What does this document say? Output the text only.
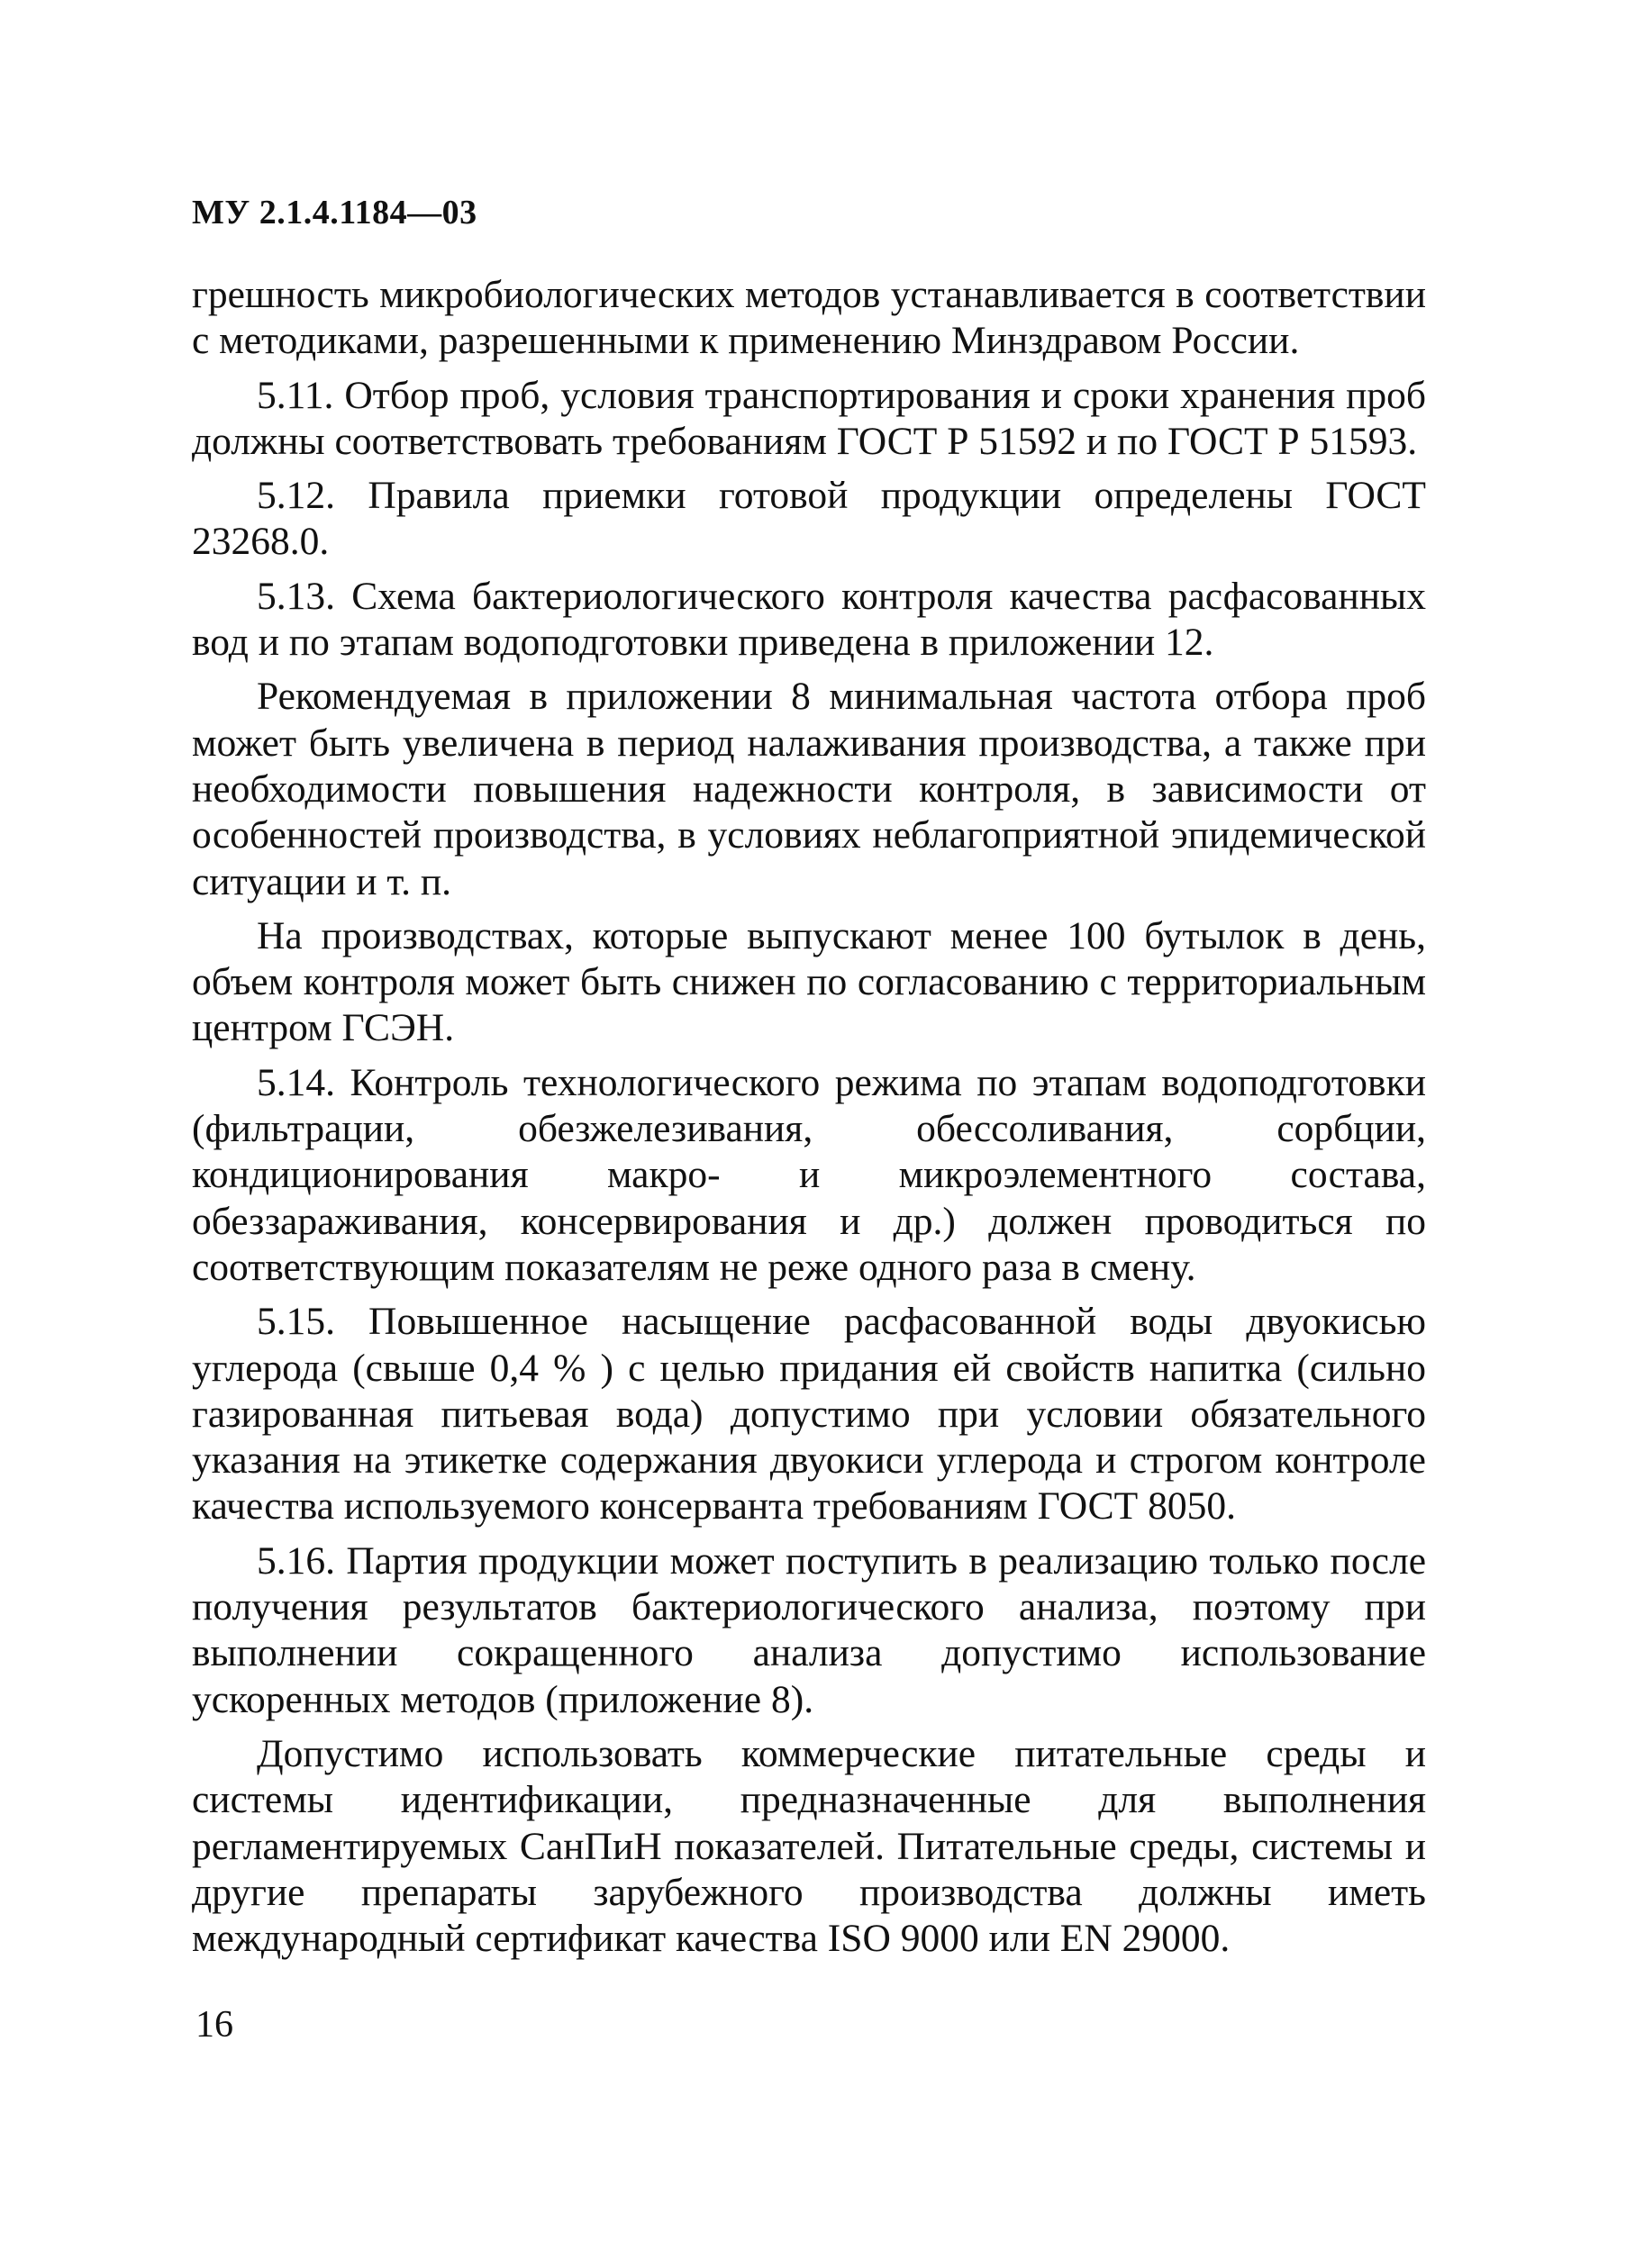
МУ 2.1.4.1184—03

грешность микробиологических методов устанавливается в соответствии с методиками, разрешенными к применению Минздравом России.

5.11. Отбор проб, условия транспортирования и сроки хранения проб должны соответствовать требованиям ГОСТ Р 51592 и по ГОСТ Р 51593.

5.12. Правила приемки готовой продукции определены ГОСТ 23268.0.

5.13. Схема бактериологического контроля качества расфасованных вод и по этапам водоподготовки приведена в приложении 12.

Рекомендуемая в приложении 8 минимальная частота отбора проб может быть увеличена в период налаживания производства, а также при необходимости повышения надежности контроля, в зависимости от особенностей производства, в условиях неблагоприятной эпидемической ситуации и т. п.

На производствах, которые выпускают менее 100 бутылок в день, объем контроля может быть снижен по согласованию с территориальным центром ГСЭН.

5.14. Контроль технологического режима по этапам водоподготовки (фильтрации, обезжелезивания, обессоливания, сорбции, кондиционирования макро- и микроэлементного состава, обеззараживания, консервирования и др.) должен проводиться по соответствующим показателям не реже одного раза в смену.

5.15. Повышенное насыщение расфасованной воды двуокисью углерода (свыше 0,4 % ) с целью придания ей свойств напитка (сильно газированная питьевая вода) допустимо при условии обязательного указания на этикетке содержания двуокиси углерода и строгом контроле качества используемого консерванта требованиям ГОСТ 8050.

5.16. Партия продукции может поступить в реализацию только после получения результатов бактериологического анализа, поэтому при выполнении сокращенного анализа допустимо использование ускоренных методов (приложение 8).

Допустимо использовать коммерческие питательные среды и системы идентификации, предназначенные для выполнения регламентируемых СанПиН показателей. Питательные среды, системы и другие препараты зарубежного производства должны иметь международный сертификат качества ISO 9000 или EN 29000.

16
